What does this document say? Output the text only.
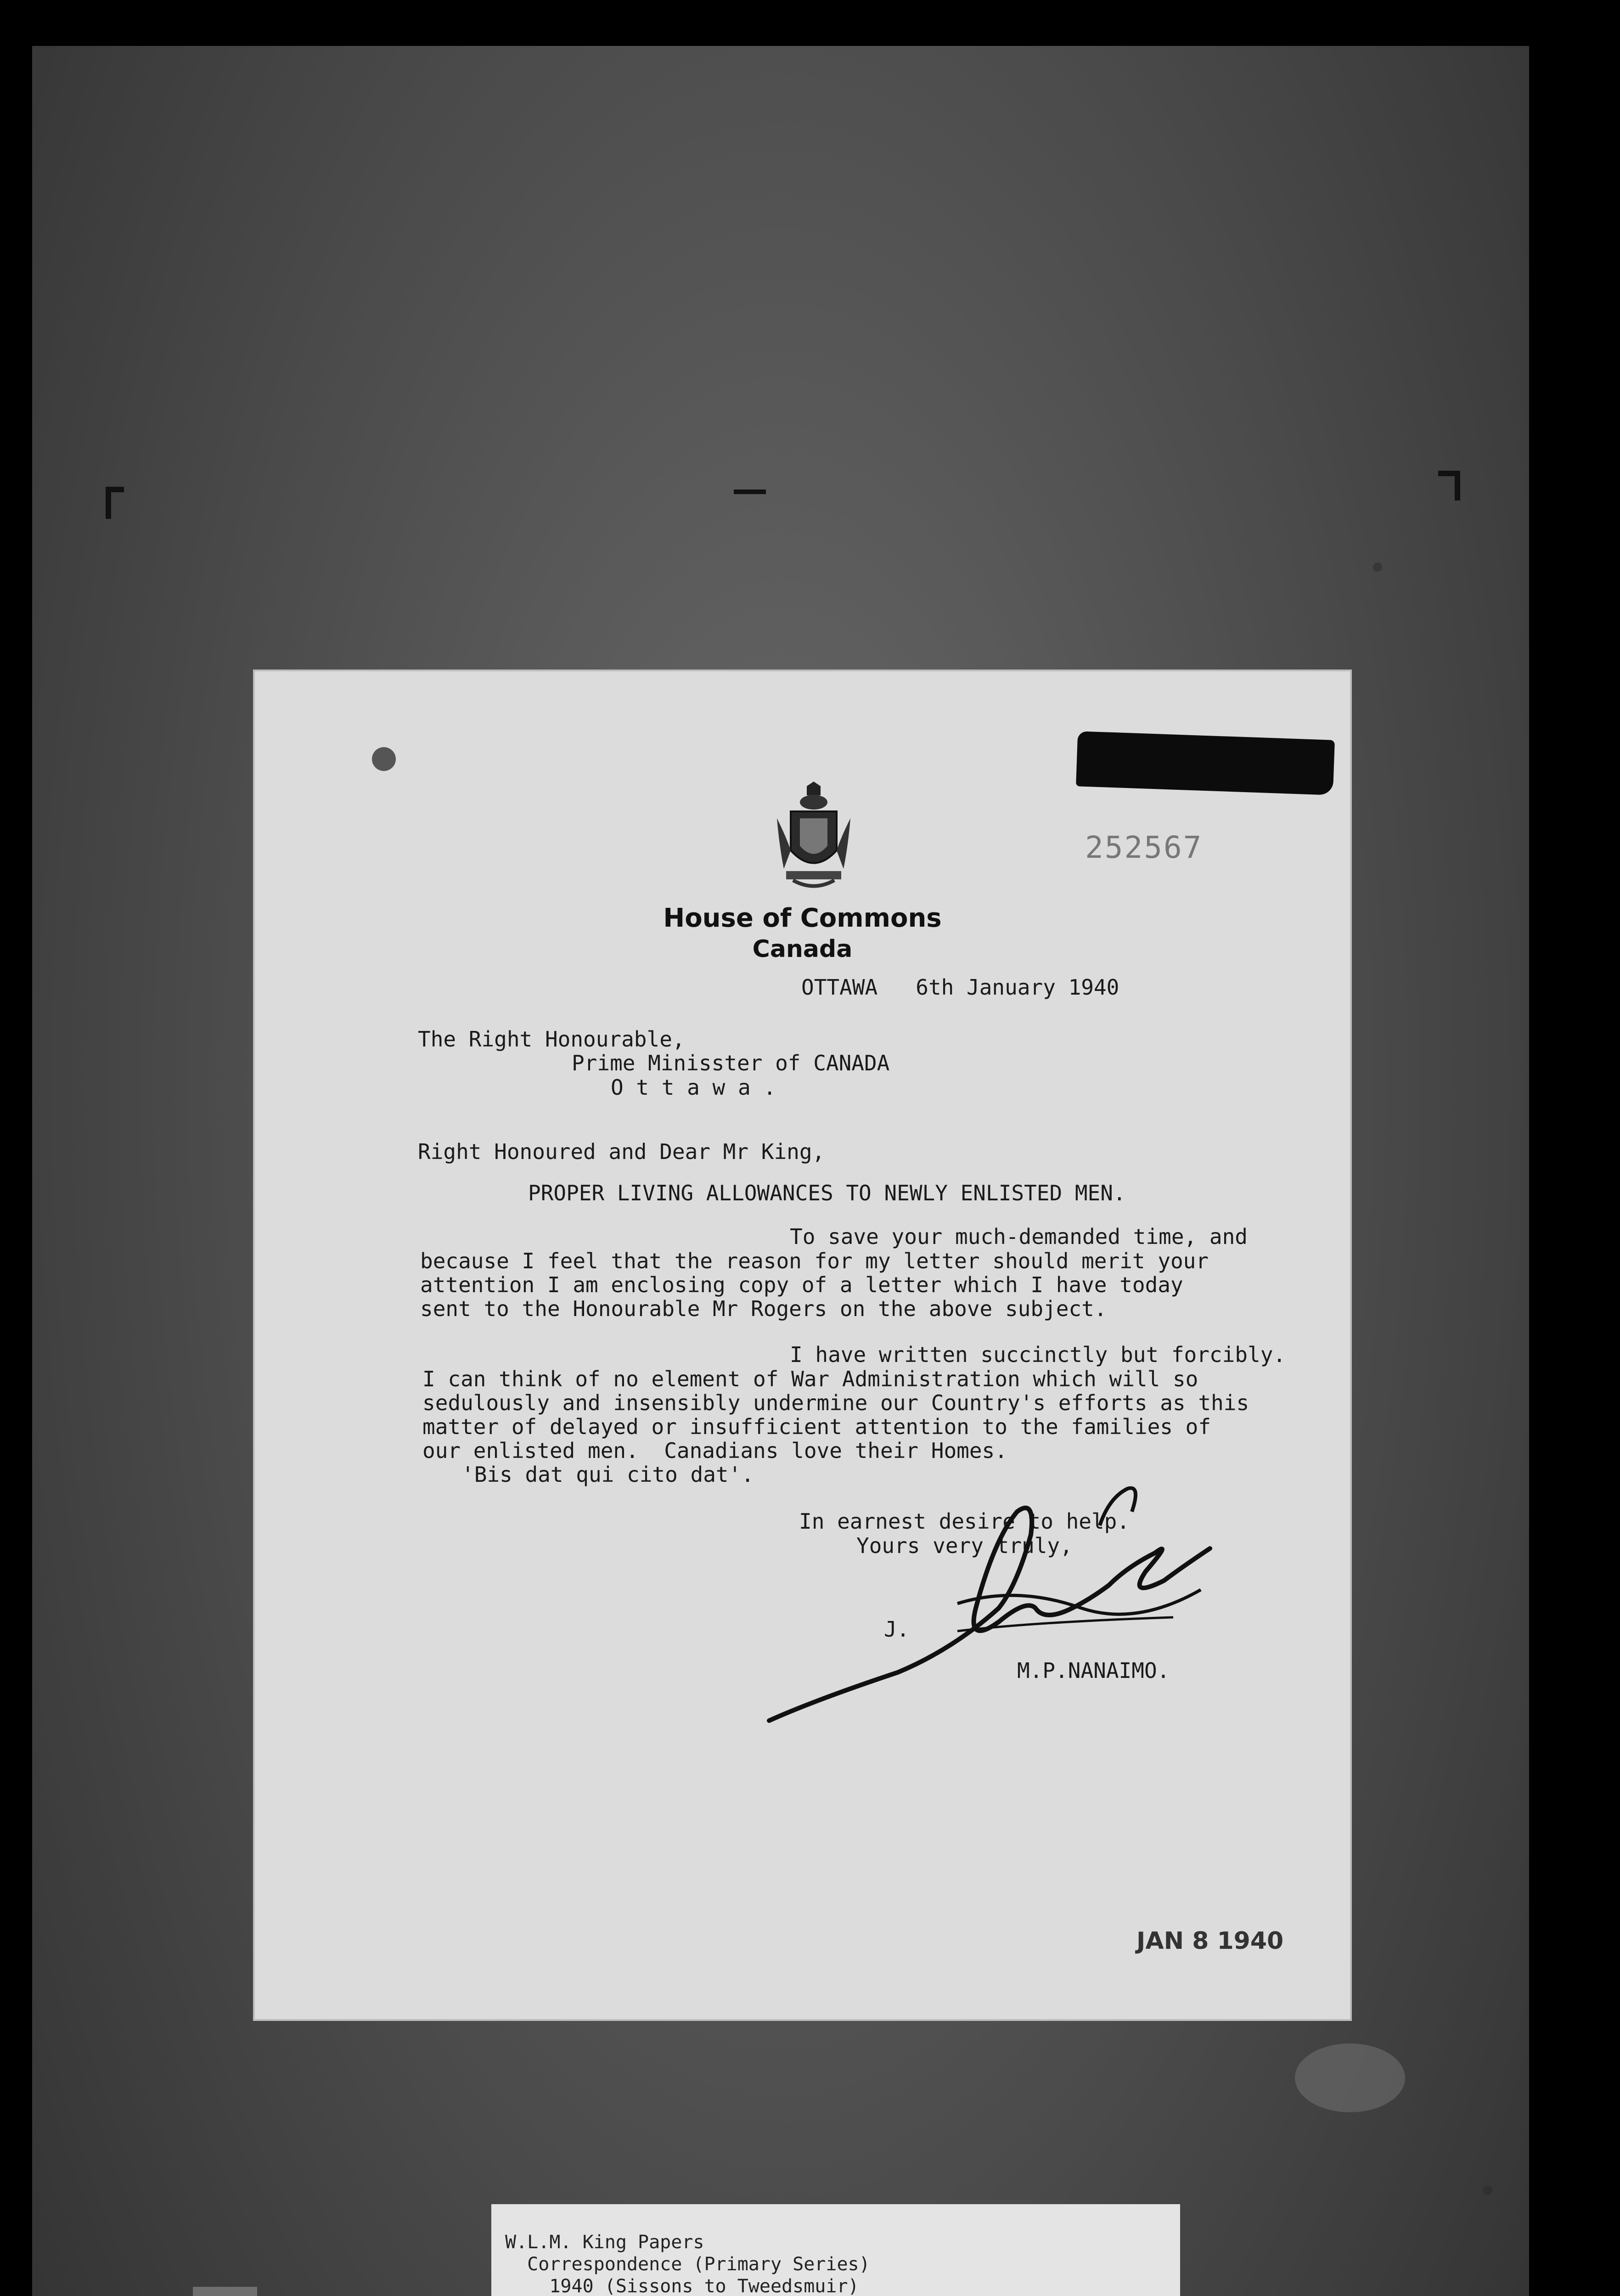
252567
House of Commons
Canada
OTTAWA   6th January 1940
The Right Honourable,
Prime Minisster of CANADA
O t t a w a .
Right Honoured and Dear Mr King,
PROPER LIVING ALLOWANCES TO NEWLY ENLISTED MEN.
To save your much-demanded time, and
because I feel that the reason for my letter should merit your
attention I am enclosing copy of a letter which I have today
sent to the Honourable Mr Rogers on the above subject.
I have written succinctly but forcibly.
I can think of no element of War Administration which will so
sedulously and insensibly undermine our Country's efforts as this
matter of delayed or insufficient attention to the families of
our enlisted men.  Canadians love their Homes.
'Bis dat qui cito dat'.
In earnest desire to help.
Yours very truly,
J.
M.P.NANAIMO.
JAN 8 1940
W.L.M. King Papers
Correspondence (Primary Series)
1940 (Sissons to Tweedsmuir)
